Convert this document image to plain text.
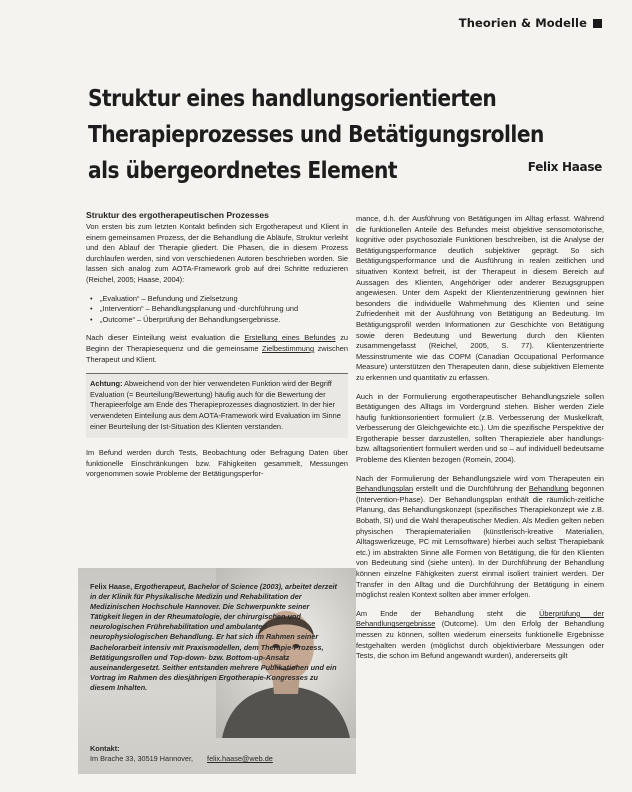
Theorien & Modelle
Struktur eines handlungsorientierten
Therapieprozesses und Betätigungsrollen
als übergeordnetes Element	Felix Haase
Struktur des ergotherapeutischen Prozesses

Von ersten bis zum letzten Kontakt befinden sich Ergotherapeut und Klient in einem gemeinsamen Prozess, der die Behandlung die Abläufe, Struktur verleiht und den Ablauf der Therapie gliedert. Die Phasen, die in diesem Prozess durchlaufen werden, sind von verschiedenen Autoren beschrieben worden. Sie lassen sich analog zum AOTA-Framework grob auf drei Schritte reduzieren (Reichel, 2005; Haase, 2004):

• „Evaluation“ – Befundung und Zielsetzung
• „Intervention“ – Behandlungsplanung und -durchführung und
• „Outcome“ – Überprüfung der Behandlungsergebnisse.

Nach dieser Einteilung weist evaluation die Erstellung eines Befundes zu Beginn der Therapiesequenz und die gemeinsame Zielbestimmung zwischen Therapeut und Klient.

Achtung: Abweichend von der hier verwendeten Funktion wird der Begriff Evaluation (= Beurteilung/Bewertung) häufig auch für die Bewertung der Therapieerfolge am Ende des Therapieprozesses diagnostiziert. In der hier verwendeten Einteilung aus dem AOTA-Framework wird Evaluation im Sinne einer Beurteilung der Ist-Situation des Klienten verstanden.

Im Befund werden durch Tests, Beobachtung oder Befragung Daten über funktionelle Einschränkungen bzw. Fähigkeiten gesammelt, Messungen vorgenommen sowie Probleme der Betätigungsperfor-

Felix Haase, Ergotherapeut, Bachelor of Science (2003), arbeitet derzeit in der Klinik für Physikalische Medizin und Rehabilitation der Medizinischen Hochschule Hannover. Die Schwerpunkte seiner Tätigkeit liegen in der Rheumatologie, der chirurgischen und neurologischen Frührehabilitation und ambulanten neurophysiologischen Behandlung. Er hat sich im Rahmen seiner Bachelorarbeit intensiv mit Praxismodellen, dem Therapie-Prozess, Betätigungsrollen und Top-down- bzw. Bottom-up-Ansatz auseinandergesetzt. Seither entstanden mehrere Publikationen und ein Vortrag im Rahmen des diesjährigen Ergotherapie-Kongresses zu diesem Inhalten.
Kontakt:
Im Brache 33, 30519 Hannover, felix.haase@web.de

mance, d.h. der Ausführung von Betätigungen im Alltag erfasst. Während die funktionellen Anteile des Befundes meist objektive sensomotorische, kognitive oder psychosoziale Funktionen beschreiben, ist die Analyse der Betätigungsperformance deutlich subjektiver geprägt. So sich Betätigungsperformance und die Ausführung in realen zeitlichen und situativen Kontext befreit, ist der Therapeut in diesem Bereich auf Aussagen des Klienten, Angehöriger oder anderer Bezugsgruppen angewiesen. Unter dem Aspekt der Klientenzentrierung gewinnen hier besonders die individuelle Wahrnehmung des Klienten und seine Zufriedenheit mit der Ausführung von Betätigung an Bedeutung. Im Betätigungsprofil werden Informationen zur Geschichte von Betätigung sowie deren Bedeutung und Bewertung durch den Klienten zusammengefasst (Reichel, 2005, S. 77). Klientenzentrierte Messinstrumente wie das COPM (Canadian Occupational Performance Measure) unterstützen den Therapeuten dann, diese subjektiven Elemente zu erkennen und quantitativ zu erfassen.

Auch in der Formulierung ergotherapeutischer Behandlungsziele sollen Betätigungen des Alltags im Vordergrund stehen. Bisher werden Ziele häufig funktionsorientiert formuliert (z.B. Verbesserung der Muskelkraft, Verbesserung der Gleichgewichte etc.). Um die spezifische Perspektive der Ergotherapie besser darzustellen, sollten Therapieziele aber handlungs- bzw. alltagsorientiert formuliert werden und so – auf individuell bedeutsame Probleme des Klienten bezogen (Romein, 2004).

Nach der Formulierung der Behandlungsziele wird vom Therapeuten ein Behandlungsplan erstellt und die Durchführung der Behandlung begonnen (Intervention-Phase). Der Behandlungsplan enthält die räumlich-zeitliche Planung, das Behandlungskonzept (spezifisches Therapiekonzept wie z.B. Bobath, SI) und die Wahl therapeutischer Medien. Als Medien gelten neben physischen Therapiematerialien (künstlerisch-kreative Materialien, Alltagswerkzeuge, PC mit Lernsoftware) hierbei auch selbst Therapiebank etc.) im abstrakten Sinne alle Formen von Betätigung, die für den Klienten von Bedeutung sind (siehe unten). In der Durchführung der Behandlung können einzelne Fähigkeiten zuerst einmal isoliert trainiert werden. Der Transfer in den Alltag und die Durchführung der Betätigung in einem möglichst realen Kontext sollten aber immer erfolgen.

Am Ende der Behandlung steht die Überprüfung der Behandlungsergebnisse (Outcome). Um den Erfolg der Behandlung messen zu können, sollten wiederum einerseits funktionelle Ergebnisse festgehalten werden (möglichst durch objektivierbare Messungen oder Tests, die schon im Befund angewandt wurden), andererseits gilt
